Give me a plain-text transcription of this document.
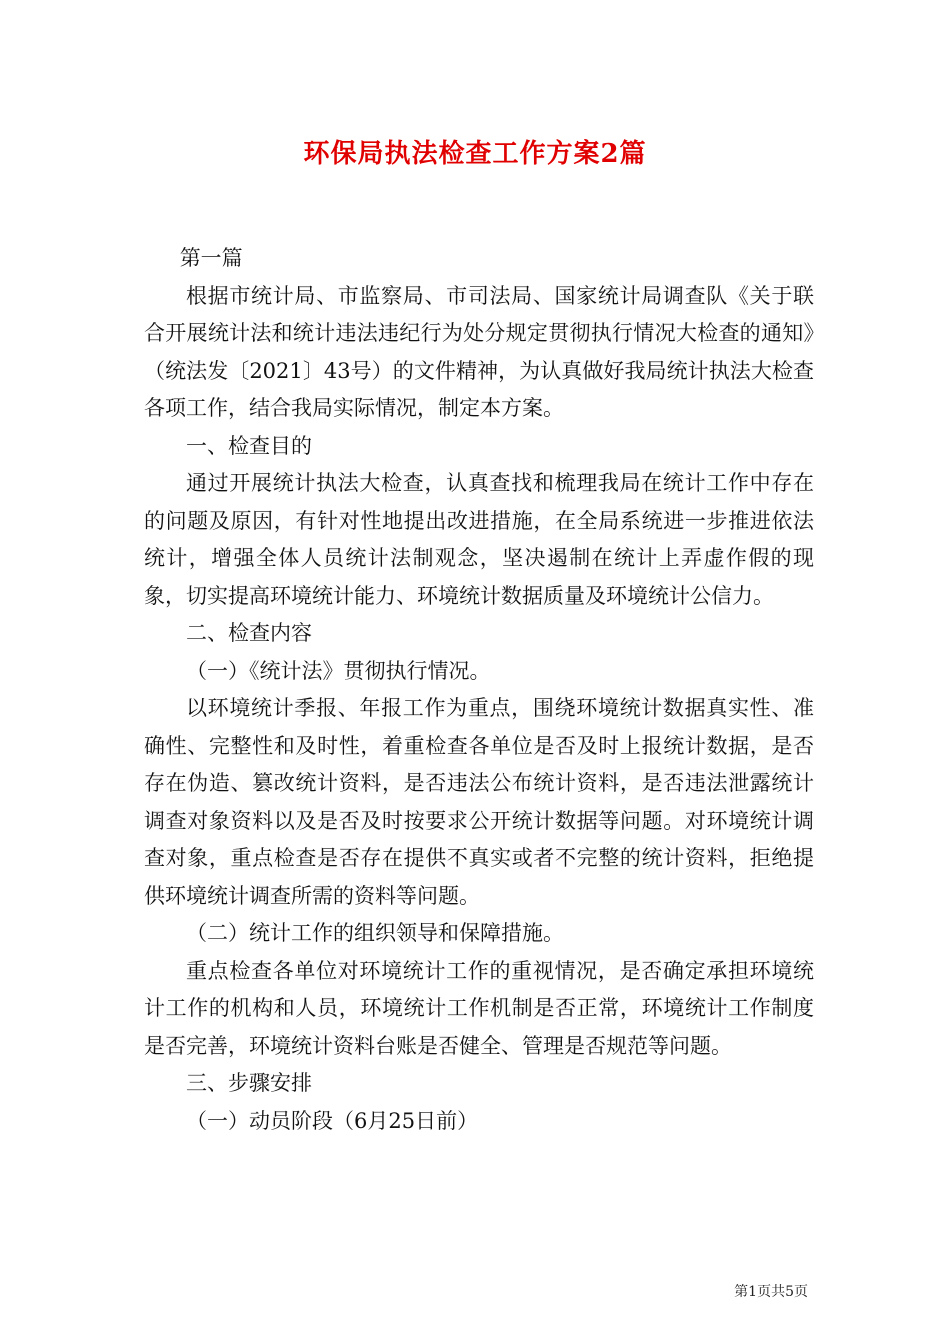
环保局执法检查工作方案2篇

第一篇

根据市统计局、市监察局、市司法局、国家统计局调查队《关于联合开展统计法和统计违法违纪行为处分规定贯彻执行情况大检查的通知》（统法发〔2021〕43号）的文件精神，为认真做好我局统计执法大检查各项工作，结合我局实际情况，制定本方案。

一、检查目的

通过开展统计执法大检查，认真查找和梳理我局在统计工作中存在的问题及原因，有针对性地提出改进措施，在全局系统进一步推进依法统计，增强全体人员统计法制观念，坚决遏制在统计上弄虚作假的现象，切实提高环境统计能力、环境统计数据质量及环境统计公信力。

二、检查内容

（一）《统计法》贯彻执行情况。

以环境统计季报、年报工作为重点，围绕环境统计数据真实性、准确性、完整性和及时性，着重检查各单位是否及时上报统计数据，是否存在伪造、篡改统计资料，是否违法公布统计资料，是否违法泄露统计调查对象资料以及是否及时按要求公开统计数据等问题。对环境统计调查对象，重点检查是否存在提供不真实或者不完整的统计资料，拒绝提供环境统计调查所需的资料等问题。

（二）统计工作的组织领导和保障措施。

重点检查各单位对环境统计工作的重视情况，是否确定承担环境统计工作的机构和人员，环境统计工作机制是否正常，环境统计工作制度是否完善，环境统计资料台账是否健全、管理是否规范等问题。

三、步骤安排

（一）动员阶段（6月25日前）

第1页共5页
